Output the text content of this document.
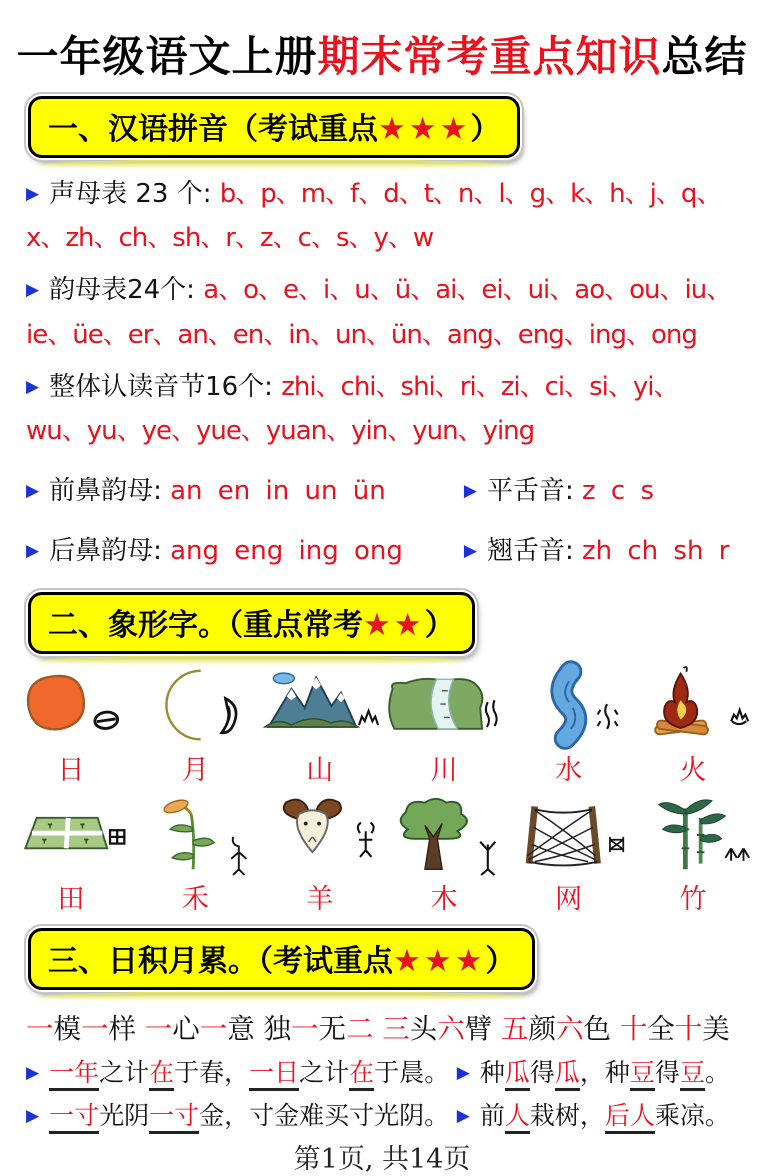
一年级语文上册期末常考重点知识总结
一、汉语拼音（考试重点★★★）

▶ 声母表 23 个: b、p、m、f、d、t、n、l、g、k、h、j、q、x、zh、ch、sh、r、z、c、s、y、w

▶ 韵母表24个: a、o、e、i、u、ü、ai、ei、ui、ao、ou、iu、ie、üe、er、an、en、in、un、ün、ang、eng、ing、ong

▶ 整体认读音节16个: zhi、chi、shi、ri、zi、ci、si、yi、wu、yu、ye、yue、yuan、yin、yun、ying

▶ 前鼻韵母: an en in un ün ▶	平舌音: z c s

▶ 后鼻韵母: ang eng ing ong ▶	翘舌音: zh ch sh r

二、象形字。（重点常考★★）
日	月	山	川	水	火
田	禾	羊	木	网	竹
三、日积月累。（考试重点★★★）

一模一样 一心一意 独一无二 三头六臂 五颜六色 十全十美

▶ 一年之计在于春，一日之计在于晨。 ▶	种瓜得瓜，种豆得豆。

▶ 一寸光阴一寸金，寸金难买寸光阴。 ▶	前人栽树，后人乘凉。

第1页, 共14页
